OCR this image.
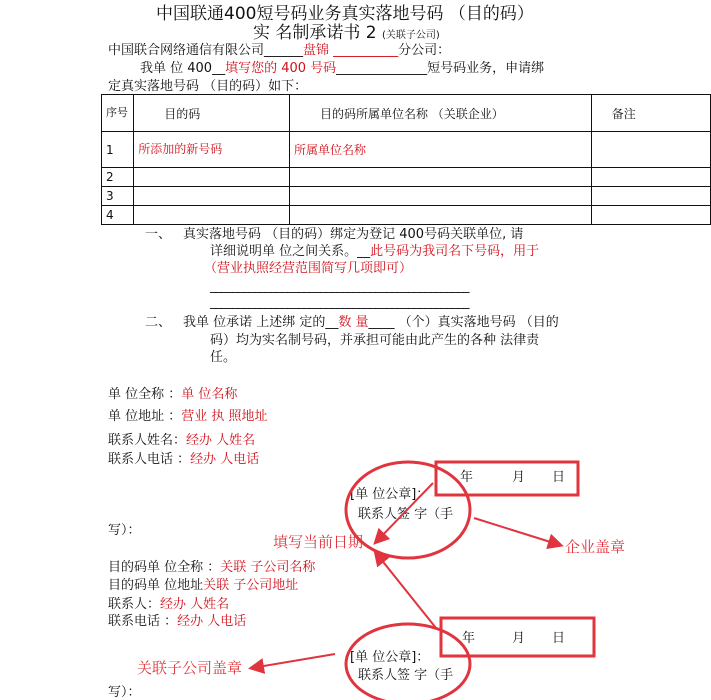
中国联通400短号码业务真实落地号码 （目的码）
实 名制承诺书 2 (关联子公司)
中国联合网络通信有限公司______盘锦 __________分公司：
我单 位 400__填写您的 400 号码______________短号码业务，申请绑
定真实落地号码 （目的码）如下：
序号	目的码	目的码所属单位名称 （关联企业）	备注
1	所添加的新号码	所属单位名称	
2			
3			
4			
一、 真实落地号码 （目的码）绑定为登记 400号码关联单位, 请
详细说明单 位之间关系。__此号码为我司名下号码，用于
（营业执照经营范围简写几项即可）
_______________________________________________
_______________________________________________
二、 我单 位承诺 上述绑 定的__数 量____ （个）真实落地号码 （目的
码）均为实名制号码，并承担可能由此产生的各种 法律责
任。
单 位全称 ：单 位名称
单 位地址 ：营业 执 照地址
联系人姓名：经办 人姓名
联系人电话 ：经办 人电话
年	月 日
[单 位公章]：
联系人签 字（手
写）：
目的码单 位全称 ：关联 子公司名称
目的码单 位地址关联 子公司地址
联系人：经办 人姓名
联系电话 ：经办 人电话
年	月 日
[单 位公章]：
联系人签 字（手
写）：
填写当前日期	企业盖章
关联子公司盖章
